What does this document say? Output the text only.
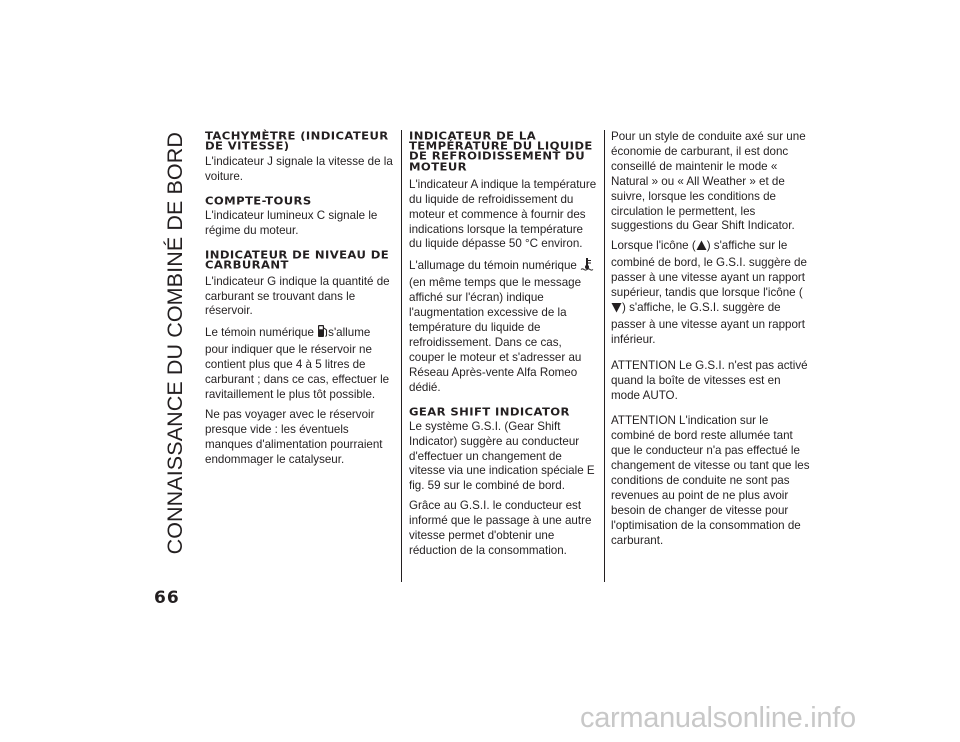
CONNAISSANCE DU COMBINÉ DE BORD
66
TACHYMÈTRE (INDICATEUR DE VITESSE)

L'indicateur J signale la vitesse de la voiture.

COMPTE-TOURS

L'indicateur lumineux C signale le régime du moteur.

INDICATEUR DE NIVEAU DE CARBURANT

L'indicateur G indique la quantité de carburant se trouvant dans le réservoir.

Le témoin numérique s'allume pour indiquer que le réservoir ne contient plus que 4 à 5 litres de carburant ; dans ce cas, effectuer le ravitaillement le plus tôt possible.

Ne pas voyager avec le réservoir presque vide : les éventuels manques d'alimentation pourraient endommager le catalyseur.

INDICATEUR DE LA TEMPÉRATURE DU LIQUIDE DE REFROIDISSEMENT DU MOTEUR

L'indicateur A indique la température du liquide de refroidissement du moteur et commence à fournir des indications lorsque la température du liquide dépasse 50 °C environ.

L'allumage du témoin numérique (en même temps que le message affiché sur l'écran) indique l'augmentation excessive de la température du liquide de refroidissement. Dans ce cas, couper le moteur et s'adresser au Réseau Après-vente Alfa Romeo dédié.

GEAR SHIFT INDICATOR

Le système G.S.I. (Gear Shift Indicator) suggère au conducteur d'effectuer un changement de vitesse via une indication spéciale E fig. 59 sur le combiné de bord.

Grâce au G.S.I. le conducteur est informé que le passage à une autre vitesse permet d'obtenir une réduction de la consommation.

Pour un style de conduite axé sur une économie de carburant, il est donc conseillé de maintenir le mode « Natural » ou « All Weather » et de suivre, lorsque les conditions de circulation le permettent, les suggestions du Gear Shift Indicator.

Lorsque l'icône ( ) s'affiche sur le combiné de bord, le G.S.I. suggère de passer à une vitesse ayant un rapport supérieur, tandis que lorsque l'icône () s'affiche, le G.S.I. suggère de passer à une vitesse ayant un rapport inférieur.

ATTENTION Le G.S.I. n'est pas activé quand la boîte de vitesses est en mode AUTO.

ATTENTION L'indication sur le combiné de bord reste allumée tant que le conducteur n'a pas effectué le changement de vitesse ou tant que les conditions de conduite ne sont pas revenues au point de ne plus avoir besoin de changer de vitesse pour l'optimisation de la consommation de carburant.

carmanualsonline.info
